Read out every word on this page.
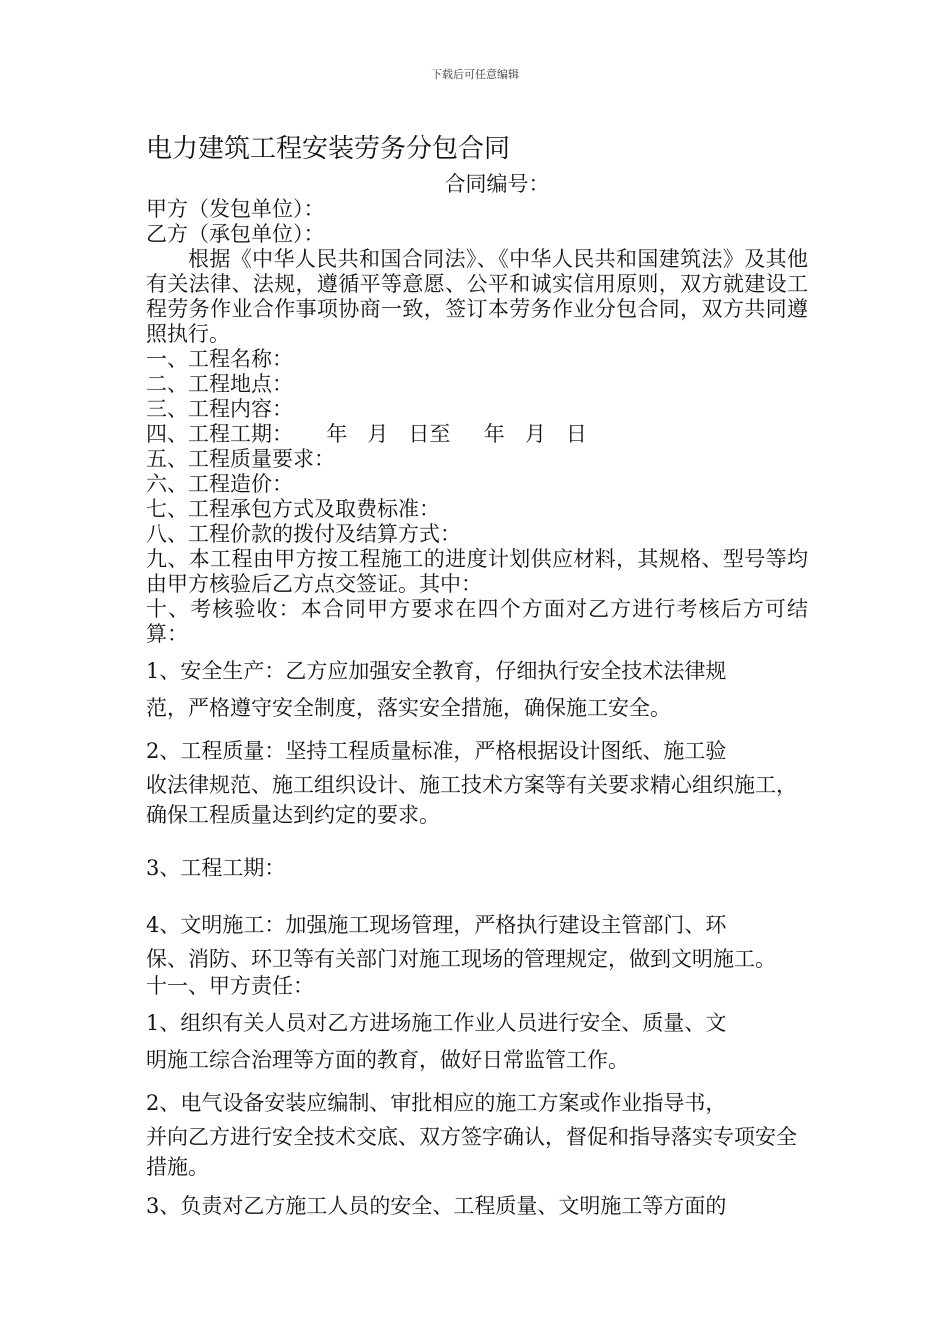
下载后可任意编辑
电力建筑工程安装劳务分包合同

合同编号：

甲方（发包单位）：

乙方（承包单位）：

根据《中华人民共和国合同法》、《中华人民共和国建筑法》及其他有关法律、法规，遵循平等意愿、公平和诚实信用原则，双方就建设工程劳务作业合作事项协商一致，签订本劳务作业分包合同，双方共同遵照执行。

一、工程名称：

二、工程地点：

三、工程内容：

四、工程工期：     年   月   日至     年   月   日

五、工程质量要求：

六、工程造价：

七、工程承包方式及取费标准：

八、工程价款的拨付及结算方式：

九、本工程由甲方按工程施工的进度计划供应材料，其规格、型号等均由甲方核验后乙方点交签证。其中：

十、考核验收：本合同甲方要求在四个方面对乙方进行考核后方可结算：

1、安全生产：乙方应加强安全教育，仔细执行安全技术法律规

范，严格遵守安全制度，落实安全措施，确保施工安全。

2、工程质量：坚持工程质量标准，严格根据设计图纸、施工验
收法律规范、施工组织设计、施工技术方案等有关要求精心组织施工，确保工程质量达到约定的要求。

3、工程工期：

4、文明施工：加强施工现场管理，严格执行建设主管部门、环
保、消防、环卫等有关部门对施工现场的管理规定，做到文明施工。

十一、甲方责任：

1、组织有关人员对乙方进场施工作业人员进行安全、质量、文

明施工综合治理等方面的教育，做好日常监管工作。

2、电气设备安装应编制、审批相应的施工方案或作业指导书，
并向乙方进行安全技术交底、双方签字确认，督促和指导落实专项安全措施。

3、负责对乙方施工人员的安全、工程质量、文明施工等方面的
